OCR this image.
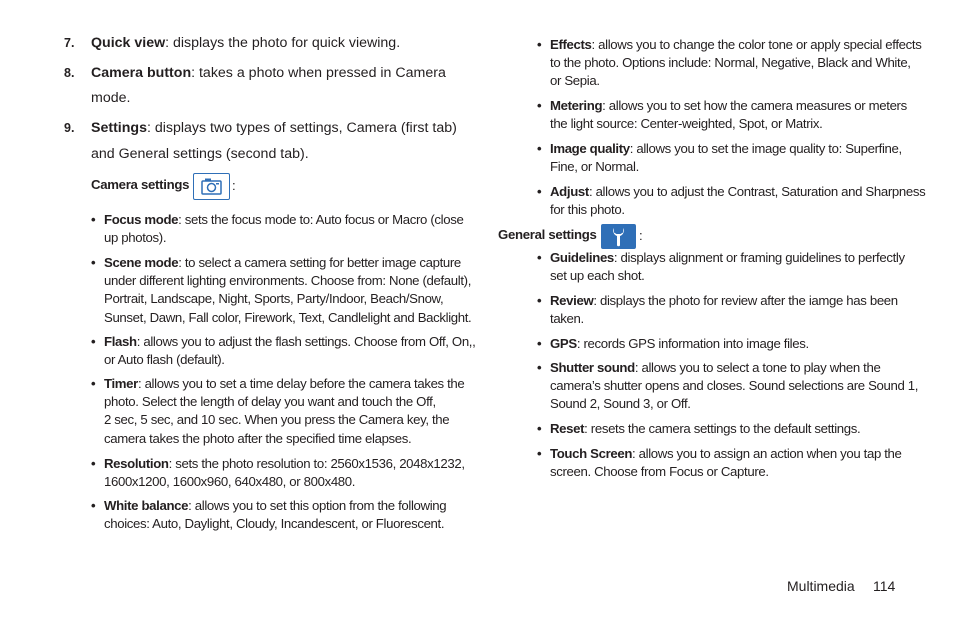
7. Quick view: displays the photo for quick viewing.
8. Camera button: takes a photo when pressed in Camera
mode.
9. Settings: displays two types of settings, Camera (first tab)
and General settings (second tab).
Camera settings	:
• Focus mode: sets the focus mode to: Auto focus or Macro (close
up photos).
• Scene mode: to select a camera setting for better image capture
under different lighting environments. Choose from: None (default),
Portrait, Landscape, Night, Sports, Party/Indoor, Beach/Snow,
Sunset, Dawn, Fall color, Firework, Text, Candlelight and Backlight.
• Flash: allows you to adjust the flash settings. Choose from Off, On,,
or Auto flash (default).
• Timer: allows you to set a time delay before the camera takes the
photo. Select the length of delay you want and touch the Off,
2 sec, 5 sec, and 10 sec. When you press the Camera key, the
camera takes the photo after the specified time elapses.
• Resolution: sets the photo resolution to: 2560x1536, 2048x1232,
1600x1200, 1600x960, 640x480, or 800x480.
• White balance: allows you to set this option from the following
choices: Auto, Daylight, Cloudy, Incandescent, or Fluorescent.
• Effects: allows you to change the color tone or apply special effects
to the photo. Options include: Normal, Negative, Black and White,
or Sepia.
• Metering: allows you to set how the camera measures or meters
the light source: Center-weighted, Spot, or Matrix.
• Image quality: allows you to set the image quality to: Superfine,
Fine, or Normal.
• Adjust: allows you to adjust the Contrast, Saturation and Sharpness
for this photo.
General settings	:
• Guidelines: displays alignment or framing guidelines to perfectly
set up each shot.
• Review: displays the photo for review after the iamge has been
taken.
• GPS: records GPS information into image files.
• Shutter sound: allows you to select a tone to play when the
camera’s shutter opens and closes. Sound selections are Sound 1,
Sound 2, Sound 3, or Off.
• Reset: resets the camera settings to the default settings.
• Touch Screen: allows you to assign an action when you tap the
screen. Choose from Focus or Capture.
Multimedia 114
